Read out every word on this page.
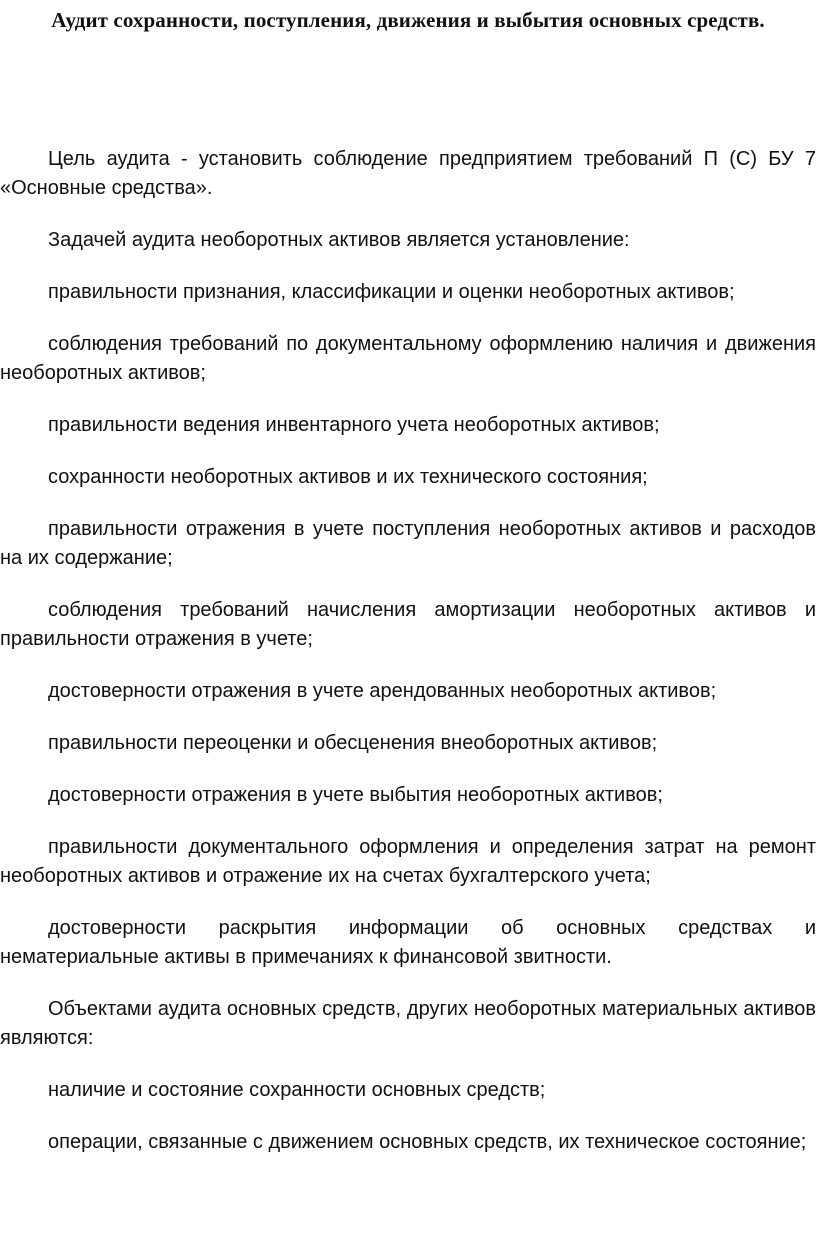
Аудит сохранности, поступления, движения и выбытия основных средств.

Цель аудита - установить соблюдение предприятием требований П (С) БУ 7 «Основные средства».

Задачей аудита необоротных активов является установление:

правильности признания, классификации и оценки необоротных активов;

соблюдения требований по документальному оформлению наличия и движения необоротных активов;

правильности ведения инвентарного учета необоротных активов;

сохранности необоротных активов и их технического состояния;

правильности отражения в учете поступления необоротных активов и расходов на их содержание;

соблюдения требований начисления амортизации необоротных активов и правильности отражения в учете;

достоверности отражения в учете арендованных необоротных активов;

правильности переоценки и обесценения внеоборотных активов;

достоверности отражения в учете выбытия необоротных активов;

правильности документального оформления и определения затрат на ремонт необоротных активов и отражение их на счетах бухгалтерского учета;

достоверности раскрытия информации об основных средствах и нематериальные активы в примечаниях к финансовой звитности.

Объектами аудита основных средств, других необоротных материальных активов являются:

наличие и состояние сохранности основных средств;

операции, связанные с движением основных средств, их техническое состояние;
